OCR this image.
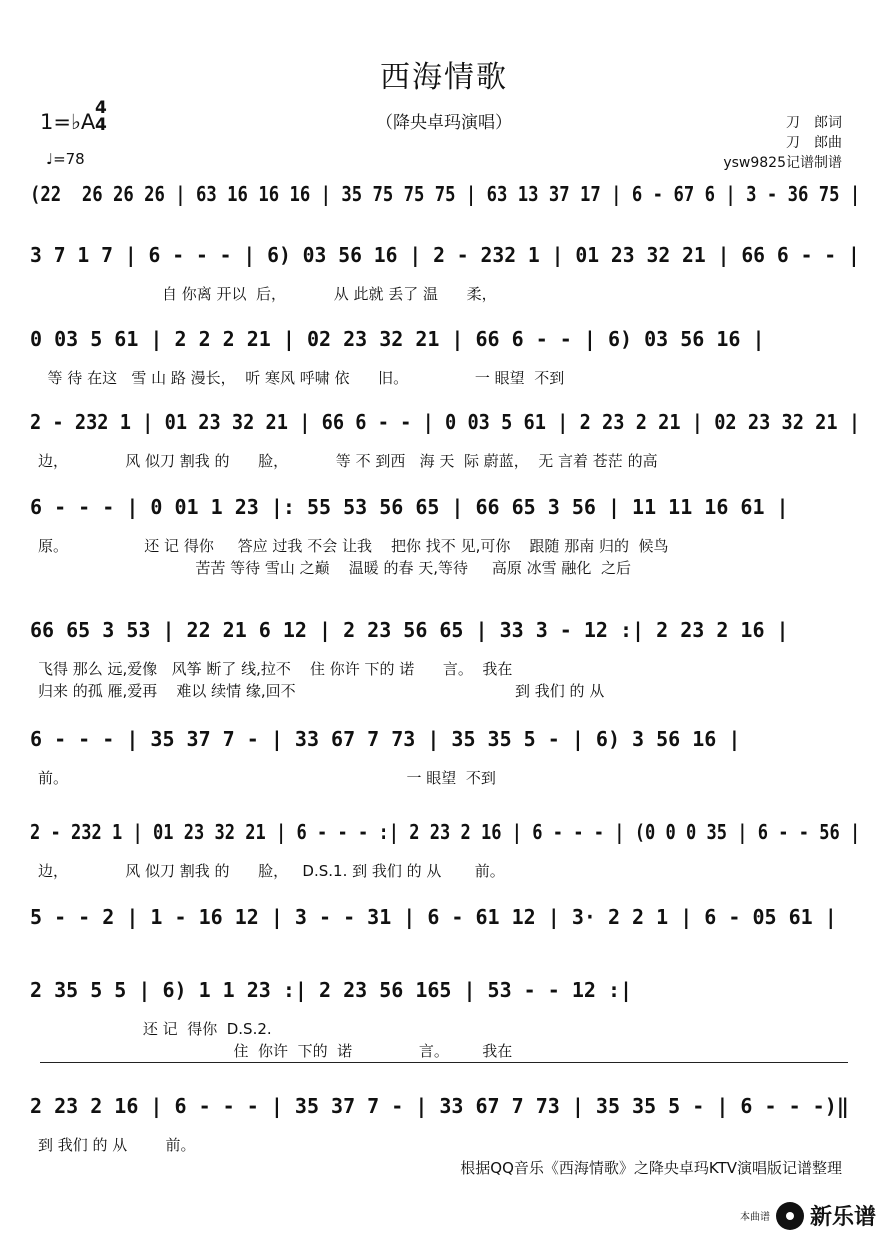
西海情歌
（降央卓玛演唱）
1=♭A
4
4
♩=78
刀　郎词
刀　郎曲
ysw9825记谱制谱
(22  26 26 26 | 63 16 16 16 | 35 75 75 75 | 63 13 37 17 | 6 - 67 6 | 3 - 36 75 |
3 7 1 7 | 6 - - - | 6) 03 56 16 | 2 - 232 1 | 01 23 32 21 | 66 6 - - |
自 你离 开以  后，          从 此就 丢了 温      柔，
0 03 5 61 | 2 2 2 21 | 02 23 32 21 | 66 6 - - | 6) 03 56 16 |
等 待 在这   雪 山 路 漫长，  听 寒风 呼啸 依      旧。              一 眼望  不到
2 - 232 1 | 01 23 32 21 | 66 6 - - | 0 03 5 61 | 2 23 2 21 | 02 23 32 21 |
边，            风 似刀 割我 的      脸，          等 不 到西   海 天  际 蔚蓝，  无 言着 苍茫 的高
6 - - - | 0 01 1 23 |: 55 53 56 65 | 66 65 3 56 | 11 11 16 61 |
原。                还 记 得你     答应 过我 不会 让我    把你 找不 见,可你    跟随 那南 归的  候鸟
苦苦 等待 雪山 之巅    温暖 的春 天,等待     高原 冰雪 融化  之后
66 65 3 53 | 22 21 6 12 | 2 23 56 65 | 33 3 - 12 :| 2 23 2 16 |
飞得 那么 远,爱像   风筝 断了 线,拉不    住 你许 下的 诺      言。  我在
归来 的孤 雁,爱再    难以 续情 缘,回不                                              到 我们 的 从
6 - - - | 35 37 7 - | 33 67 7 73 | 35 35 5 - | 6) 3 56 16 |
前。                                                                       一 眼望  不到
2 - 232 1 | 01 23 32 21 | 6 - - - :| 2 23 2 16 | 6 - - - | (0 0 0 35 | 6 - - 56 |
边，            风 似刀 割我 的      脸，   D.S.1. 到 我们 的 从       前。
5 - - 2 | 1 - 16 12 | 3 - - 31 | 6 - 61 12 | 3· 2 2 1 | 6 - 05 61 |
2 35 5 5 | 6) 1 1 23 :| 2 23 56 165 | 53 - - 12 :|
还 记  得你  D.S.2.
住  你许  下的  诺              言。       我在
2 23 2 16 | 6 - - - | 35 37 7 - | 33 67 7 73 | 35 35 5 - | 6 - - -)‖
到 我们 的 从        前。
根据QQ音乐《西海情歌》之降央卓玛KTV演唱版记谱整理
本曲谱 新乐谱
